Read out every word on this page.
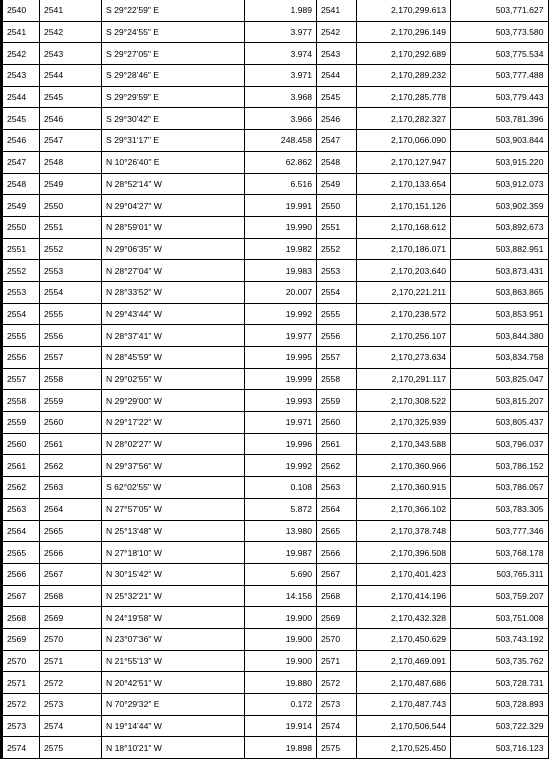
2540	2541	S 29°22'59" E	1.989	2541	2,170,299.613	503,771.627
2541	2542	S 29°24'55" E	3.977	2542	2,170,296.149	503,773.580
2542	2543	S 29°27'05" E	3.974	2543	2,170,292.689	503,775.534
2543	2544	S 29°28'46" E	3.971	2544	2,170,289.232	503,777.488
2544	2545	S 29°29'59" E	3.968	2545	2,170,285.778	503,779.443
2545	2546	S 29°30'42" E	3.966	2546	2,170,282.327	503,781.396
2546	2547	S 29°31'17" E	248.458	2547	2,170,066.090	503,903.844
2547	2548	N 10°26'40" E	62.862	2548	2,170,127.947	503,915.220
2548	2549	N 28°52'14" W	6.516	2549	2,170,133.654	503,912.073
2549	2550	N 29°04'27" W	19.991	2550	2,170,151.126	503,902.359
2550	2551	N 28°59'01" W	19.990	2551	2,170,168.612	503,892.673
2551	2552	N 29°06'35" W	19.982	2552	2,170,186.071	503,882.951
2552	2553	N 28°27'04" W	19.983	2553	2,170,203.640	503,873.431
2553	2554	N 28°33'52" W	20.007	2554	2,170,221.211	503,863.865
2554	2555	N 29°43'44" W	19.992	2555	2,170,238.572	503,853.951
2555	2556	N 28°37'41" W	19.977	2556	2,170,256.107	503,844.380
2556	2557	N 28°45'59" W	19.995	2557	2,170,273.634	503,834.758
2557	2558	N 29°02'55" W	19.999	2558	2,170,291.117	503,825.047
2558	2559	N 29°29'00" W	19.993	2559	2,170,308.522	503,815.207
2559	2560	N 29°17'22" W	19.971	2560	2,170,325.939	503,805.437
2560	2561	N 28°02'27" W	19.996	2561	2,170,343.588	503,796.037
2561	2562	N 29°37'56" W	19.992	2562	2,170,360.966	503,786.152
2562	2563	S 62°02'55" W	0.108	2563	2,170,360.915	503,786.057
2563	2564	N 27°57'05" W	5.872	2564	2,170,366.102	503,783.305
2564	2565	N 25°13'48" W	13.980	2565	2,170,378.748	503,777.346
2565	2566	N 27°18'10" W	19.987	2566	2,170,396.508	503,768.178
2566	2567	N 30°15'42" W	5.690	2567	2,170,401.423	503,765.311
2567	2568	N 25°32'21" W	14.156	2568	2,170,414.196	503,759.207
2568	2569	N 24°19'58" W	19.900	2569	2,170,432.328	503,751.008
2569	2570	N 23°07'36" W	19.900	2570	2,170,450.629	503,743.192
2570	2571	N 21°55'13" W	19.900	2571	2,170,469.091	503,735.762
2571	2572	N 20°42'51" W	19.880	2572	2,170,487.686	503,728.731
2572	2573	N 70°29'32" E	0.172	2573	2,170,487.743	503,728.893
2573	2574	N 19°14'44" W	19.914	2574	2,170,506.544	503,722.329
2574	2575	N 18°10'21" W	19.898	2575	2,170,525.450	503,716.123
